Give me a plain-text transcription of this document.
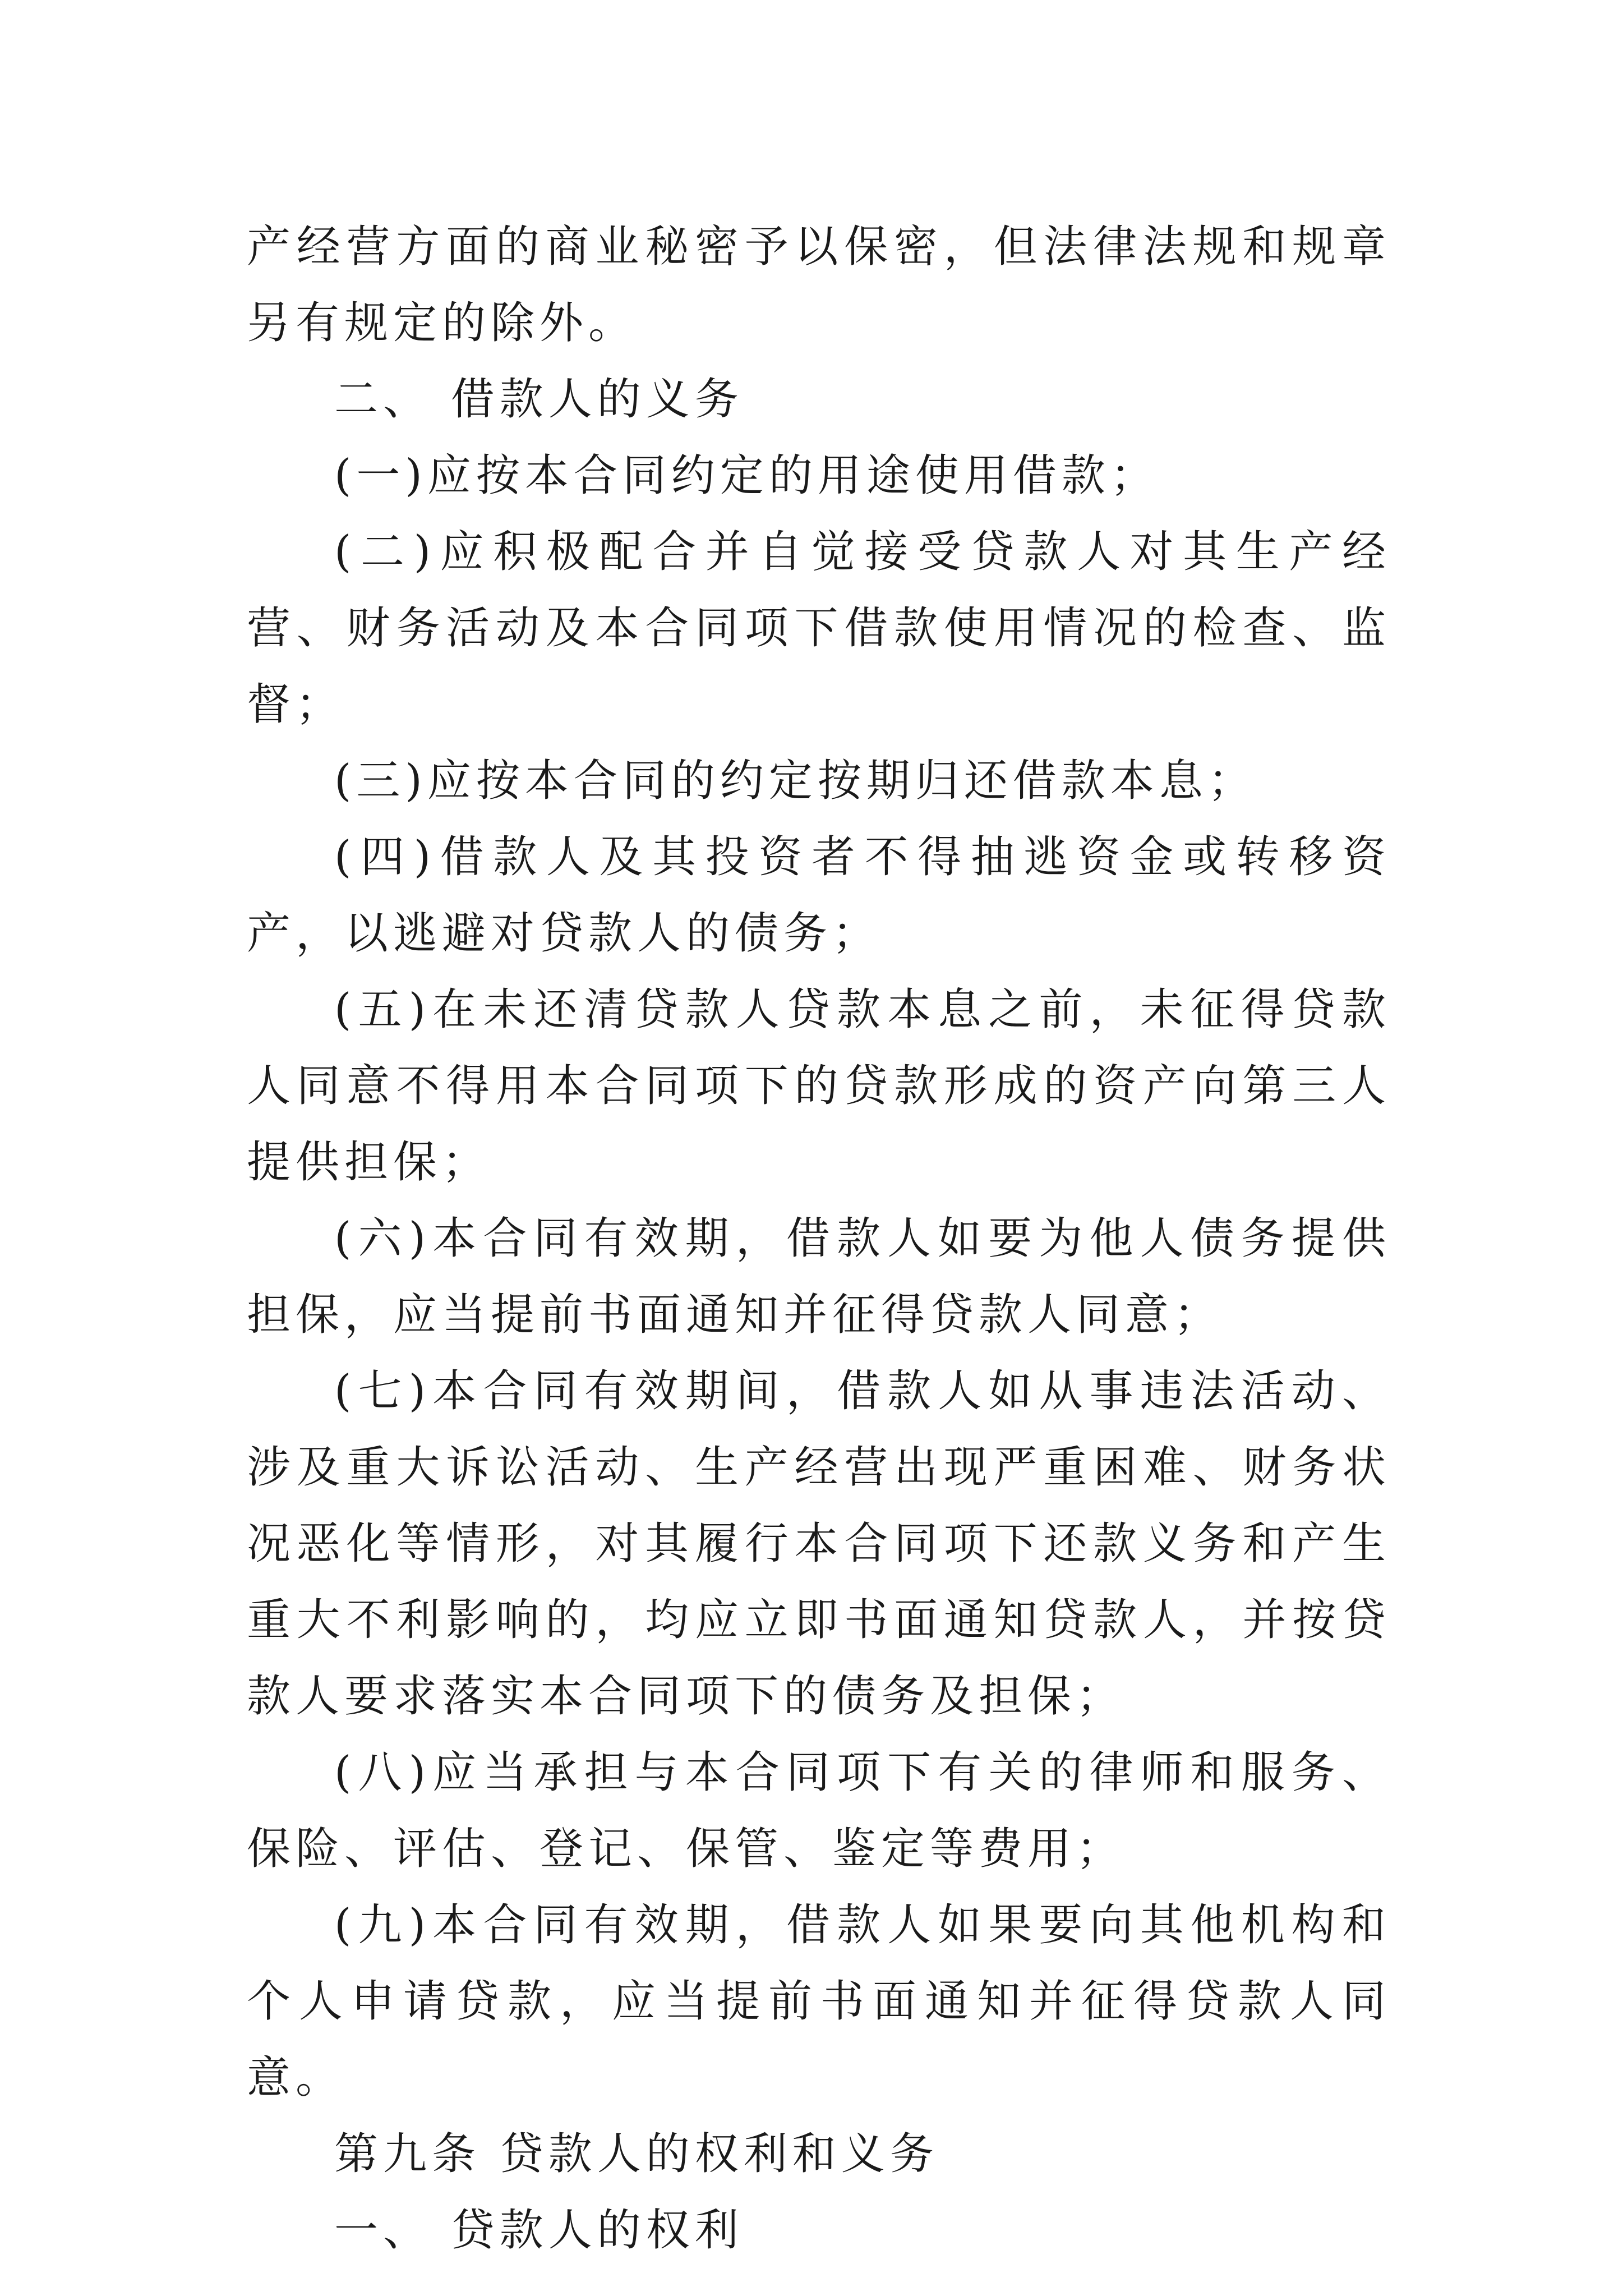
产经营方面的商业秘密予以保密，但法律法规和规章另有规定的除外。

二、 借款人的义务

(一)应按本合同约定的用途使用借款；

(二)应积极配合并自觉接受贷款人对其生产经营、财务活动及本合同项下借款使用情况的检查、监督；

(三)应按本合同的约定按期归还借款本息；

(四)借款人及其投资者不得抽逃资金或转移资产，以逃避对贷款人的债务；

(五)在未还清贷款人贷款本息之前，未征得贷款人同意不得用本合同项下的贷款形成的资产向第三人提供担保；

(六)本合同有效期，借款人如要为他人债务提供担保，应当提前书面通知并征得贷款人同意；

(七)本合同有效期间，借款人如从事违法活动、涉及重大诉讼活动、生产经营出现严重困难、财务状况恶化等情形，对其履行本合同项下还款义务和产生重大不利影响的，均应立即书面通知贷款人，并按贷款人要求落实本合同项下的债务及担保；

(八)应当承担与本合同项下有关的律师和服务、保险、评估、登记、保管、鉴定等费用；

(九)本合同有效期，借款人如果要向其他机构和个人申请贷款，应当提前书面通知并征得贷款人同意。

第九条 贷款人的权利和义务

一、 贷款人的权利
